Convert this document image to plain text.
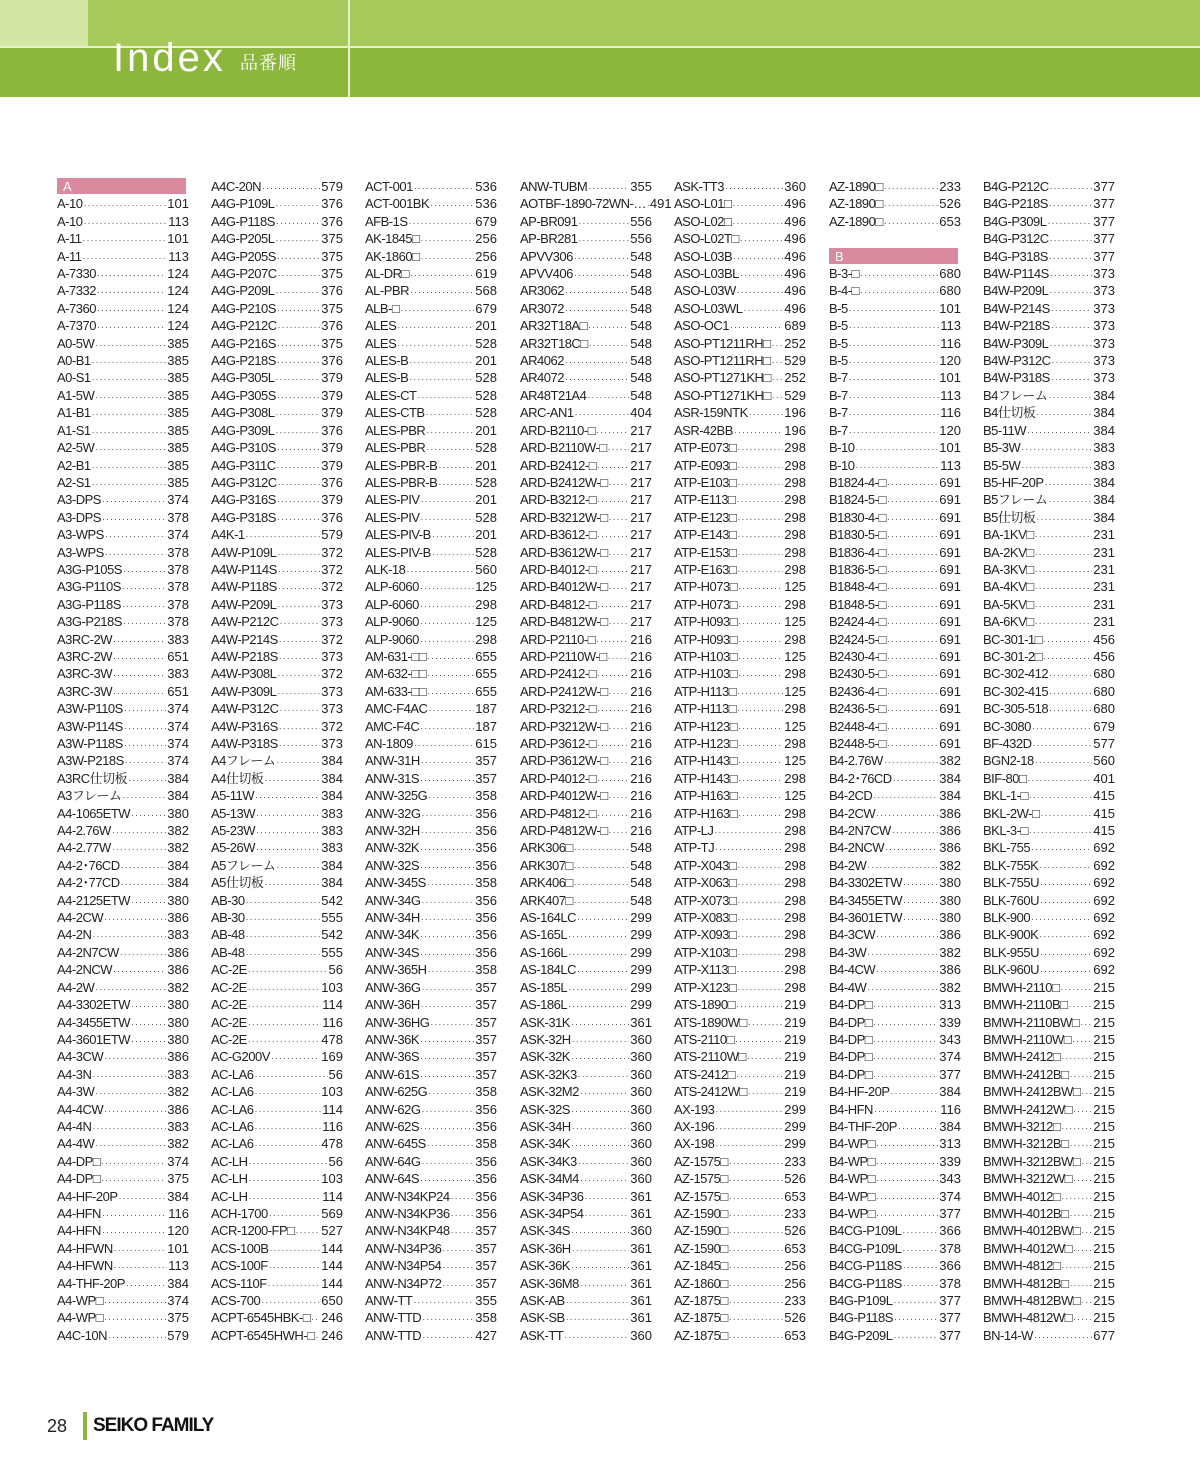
Index 品番順
A
A-10 ·····	101
A-10 ·····	113
A-11 ·····	101
A-11 ·····	113
A-7330 ·····	124
A-7332 ·····	124
A-7360 ·····	124
A-7370 ·····	124
A0-5W ·····	385
A0-B1 ·····	385
A0-S1 ·····	385
A1-5W ·····	385
A1-B1 ·····	385
A1-S1 ·····	385
A2-5W ·····	385
A2-B1 ·····	385
A2-S1 ·····	385
A3-DPS ·····	374
A3-DPS ·····	378
A3-WPS ·····	374
A3-WPS ·····	378
A3G-P105S ·····	378
A3G-P110S ·····	378
A3G-P118S ·····	378
A3G-P218S ·····	378
A3RC-2W ·····	383
A3RC-2W ·····	651
A3RC-3W ·····	383
A3RC-3W ·····	651
A3W-P110S ·····	374
A3W-P114S ·····	374
A3W-P118S ·····	374
A3W-P218S ·····	374
A3RC仕切板 ·····	384
A3フレーム ·····	384
A4-1065ETW ·····	380
A4-2.76W ·····	382
A4-2.77W ·····	382
A4-2･76CD ·····	384
A4-2･77CD ·····	384
A4-2125ETW ·····	380
A4-2CW ·····	386
A4-2N ·····	383
A4-2N7CW ·····	386
A4-2NCW ·····	386
A4-2W ·····	382
A4-3302ETW ·····	380
A4-3455ETW ·····	380
A4-3601ETW ·····	380
A4-3CW ·····	386
A4-3N ·····	383
A4-3W ·····	382
A4-4CW ·····	386
A4-4N ·····	383
A4-4W ·····	382
A4-DP□ ·····	374
A4-DP□ ·····	375
A4-HF-20P ·····	384
A4-HFN ·····	116
A4-HFN ·····	120
A4-HFWN ·····	101
A4-HFWN ·····	113
A4-THF-20P ·····	384
A4-WP□ ·····	374
A4-WP□ ·····	375
A4C-10N ·····	579
A4C-20N ·····	579
A4G-P109L ·····	376
A4G-P118S ·····	376
A4G-P205L ·····	375
A4G-P205S ·····	375
A4G-P207C ·····	375
A4G-P209L ·····	376
A4G-P210S ·····	375
A4G-P212C ·····	376
A4G-P216S ·····	375
A4G-P218S ·····	376
A4G-P305L ·····	379
A4G-P305S ·····	379
A4G-P308L ·····	379
A4G-P309L ·····	376
A4G-P310S ·····	379
A4G-P311C ·····	379
A4G-P312C ·····	376
A4G-P316S ·····	379
A4G-P318S ·····	376
A4K-1 ·····	579
A4W-P109L ·····	372
A4W-P114S ·····	372
A4W-P118S ·····	372
A4W-P209L ·····	373
A4W-P212C ·····	373
A4W-P214S ·····	372
A4W-P218S ·····	373
A4W-P308L ·····	372
A4W-P309L ·····	373
A4W-P312C ·····	373
A4W-P316S ·····	372
A4W-P318S ·····	373
A4フレーム ·····	384
A4仕切板 ·····	384
A5-11W ·····	384
A5-13W ·····	383
A5-23W ·····	383
A5-26W ·····	383
A5フレーム ·····	384
A5仕切板 ·····	384
AB-30 ·····	542
AB-30 ·····	555
AB-48 ·····	542
AB-48 ·····	555
AC-2E ·····	56
AC-2E ·····	103
AC-2E ·····	114
AC-2E ·····	116
AC-2E ·····	478
AC-G200V ·····	169
AC-LA6 ·····	56
AC-LA6 ·····	103
AC-LA6 ·····	114
AC-LA6 ·····	116
AC-LA6 ·····	478
AC-LH ·····	56
AC-LH ·····	103
AC-LH ·····	114
ACH-1700 ·····	569
ACR-1200-FP□ ····· 527
ACS-100B ·····	144
ACS-100F ·····	144
ACS-110F ·····	144
ACS-700 ·····	650
ACPT-6545HBK-□ ····· 246
ACPT-6545HWH-□ ····· 246
ACT-001 ·····	536
ACT-001BK ·····	536
AFB-1S ·····	679
AK-1845□ ·····	256
AK-1860□ ·····	256
AL-DR□ ·····	619
AL-PBR ·····	568
ALB-□ ·····	679
ALES ·····	201
ALES ·····	528
ALES-B ·····	201
ALES-B ·····	528
ALES-CT ·····	528
ALES-CTB ·····	528
ALES-PBR ·····	201
ALES-PBR ·····	528
ALES-PBR-B ·····	201
ALES-PBR-B ·····	528
ALES-PIV ·····	201
ALES-PIV ·····	528
ALES-PIV-B ·····	201
ALES-PIV-B ·····	528
ALK-18 ·····	560
ALP-6060 ·····	125
ALP-6060 ·····	298
ALP-9060 ·····	125
ALP-9060 ·····	298
AM-631-□□ ·····	655
AM-632-□□ ·····	655
AM-633-□□ ·····	655
AMC-F4AC ·····	187
AMC-F4C ·····	187
AN-1809 ·····	615
ANW-31H ·····	357
ANW-31S ·····	357
ANW-325G ·····	358
ANW-32G ·····	356
ANW-32H ·····	356
ANW-32K ·····	356
ANW-32S ·····	356
ANW-345S ·····	358
ANW-34G ·····	356
ANW-34H ·····	356
ANW-34K ·····	356
ANW-34S ·····	356
ANW-365H ·····	358
ANW-36G ·····	357
ANW-36H ·····	357
ANW-36HG ·····	357
ANW-36K ·····	357
ANW-36S ·····	357
ANW-61S ·····	357
ANW-625G ·····	358
ANW-62G ·····	356
ANW-62S ·····	356
ANW-645S ·····	358
ANW-64G ·····	356
ANW-64S ·····	356
ANW-N34KP24 ····· 356
ANW-N34KP36 ····· 356
ANW-N34KP48 ····· 357
ANW-N34P36 ·····	357
ANW-N34P54 ·····	357
ANW-N34P72 ·····	357
ANW-TT ·····	355
ANW-TTD ·····	358
ANW-TTD ·····	427
ANW-TUBM ·····	355
AOTBF-1890-72WN-… ····· 491
AP-BR091 ·····	556
AP-BR281 ·····	556
APVV306 ·····	548
APVV406 ·····	548
AR3062 ·····	548
AR3072 ·····	548
AR32T18A□ ·····	548
AR32T18C□ ·····	548
AR4062 ·····	548
AR4072 ·····	548
AR48T21A4 ·····	548
ARC-AN1 ·····	404
ARD-B2110-□ ·····	217
ARD-B2110W-□ ····· 217
ARD-B2412-□ ·····	217
ARD-B2412W-□ ····· 217
ARD-B3212-□ ·····	217
ARD-B3212W-□ ····· 217
ARD-B3612-□ ·····	217
ARD-B3612W-□ ····· 217
ARD-B4012-□ ·····	217
ARD-B4012W-□ ····· 217
ARD-B4812-□ ·····	217
ARD-B4812W-□ ····· 217
ARD-P2110-□ ·····	216
ARD-P2110W-□ ····· 216
ARD-P2412-□ ·····	216
ARD-P2412W-□ ····· 216
ARD-P3212-□ ·····	216
ARD-P3212W-□ ····· 216
ARD-P3612-□ ·····	216
ARD-P3612W-□ ····· 216
ARD-P4012-□ ·····	216
ARD-P4012W-□ ····· 216
ARD-P4812-□ ·····	216
ARD-P4812W-□ ····· 216
ARK306□ ·····	548
ARK307□ ·····	548
ARK406□ ·····	548
ARK407□ ·····	548
AS-164LC ·····	299
AS-165L ·····	299
AS-166L ·····	299
AS-184LC ·····	299
AS-185L ·····	299
AS-186L ·····	299
ASK-31K ·····	361
ASK-32H ·····	360
ASK-32K ·····	360
ASK-32K3 ·····	360
ASK-32M2 ·····	360
ASK-32S ·····	360
ASK-34H ·····	360
ASK-34K ·····	360
ASK-34K3 ·····	360
ASK-34M4 ·····	360
ASK-34P36 ·····	361
ASK-34P54 ·····	361
ASK-34S ·····	360
ASK-36H ·····	361
ASK-36K ·····	361
ASK-36M8 ·····	361
ASK-AB ·····	361
ASK-SB ·····	361
ASK-TT ·····	360
ASK-TT3 ·····	360
ASO-L01□ ·····	496
ASO-L02□ ·····	496
ASO-L02T□ ·····	496
ASO-L03B ·····	496
ASO-L03BL ·····	496
ASO-L03W ·····	496
ASO-L03WL ·····	496
ASO-OC1 ·····	689
ASO-PT1211RH□ ····· 252
ASO-PT1211RH□ ····· 529
ASO-PT1271KH□ ····· 252
ASO-PT1271KH□ ····· 529
ASR-159NTK ·····	196
ASR-42BB ·····	196
ATP-E073□ ·····	298
ATP-E093□ ·····	298
ATP-E103□ ·····	298
ATP-E113□ ·····	298
ATP-E123□ ·····	298
ATP-E143□ ·····	298
ATP-E153□ ·····	298
ATP-E163□ ·····	298
ATP-H073□ ·····	125
ATP-H073□ ·····	298
ATP-H093□ ·····	125
ATP-H093□ ·····	298
ATP-H103□ ·····	125
ATP-H103□ ·····	298
ATP-H113□ ·····	125
ATP-H113□ ·····	298
ATP-H123□ ·····	125
ATP-H123□ ·····	298
ATP-H143□ ·····	125
ATP-H143□ ·····	298
ATP-H163□ ·····	125
ATP-H163□ ·····	298
ATP-LJ ·····	298
ATP-TJ ·····	298
ATP-X043□ ·····	298
ATP-X063□ ·····	298
ATP-X073□ ·····	298
ATP-X083□ ·····	298
ATP-X093□ ·····	298
ATP-X103□ ·····	298
ATP-X113□ ·····	298
ATP-X123□ ·····	298
ATS-1890□ ·····	219
ATS-1890W□ ·····	219
ATS-2110□ ·····	219
ATS-2110W□ ·····	219
ATS-2412□ ·····	219
ATS-2412W□ ·····	219
AX-193 ·····	299
AX-196 ·····	299
AX-198 ·····	299
AZ-1575□ ·····	233
AZ-1575□ ·····	526
AZ-1575□ ·····	653
AZ-1590□ ·····	233
AZ-1590□ ·····	526
AZ-1590□ ·····	653
AZ-1845□ ·····	256
AZ-1860□ ·····	256
AZ-1875□ ·····	233
AZ-1875□ ·····	526
AZ-1875□ ·····	653
AZ-1890□ ·····	233
AZ-1890□ ·····	526
AZ-1890□ ·····	653
B
B-3-□ ·····	680
B-4-□ ·····	680
B-5 ·····	101
B-5 ·····	113
B-5 ·····	116
B-5 ·····	120
B-7 ·····	101
B-7 ·····	113
B-7 ·····	116
B-7 ·····	120
B-10 ·····	101
B-10 ·····	113
B1824-4-□ ·····	691
B1824-5-□ ·····	691
B1830-4-□ ·····	691
B1830-5-□ ·····	691
B1836-4-□ ·····	691
B1836-5-□ ·····	691
B1848-4-□ ·····	691
B1848-5-□ ·····	691
B2424-4-□ ·····	691
B2424-5-□ ·····	691
B2430-4-□ ·····	691
B2430-5-□ ·····	691
B2436-4-□ ·····	691
B2436-5-□ ·····	691
B2448-4-□ ·····	691
B2448-5-□ ·····	691
B4-2.76W ·····	382
B4-2･76CD ·····	384
B4-2CD ·····	384
B4-2CW ·····	386
B4-2N7CW ·····	386
B4-2NCW ·····	386
B4-2W ·····	382
B4-3302ETW ·····	380
B4-3455ETW ·····	380
B4-3601ETW ·····	380
B4-3CW ·····	386
B4-3W ·····	382
B4-4CW ·····	386
B4-4W ·····	382
B4-DP□ ·····	313
B4-DP□ ·····	339
B4-DP□ ·····	343
B4-DP□ ·····	374
B4-DP□ ·····	377
B4-HF-20P ·····	384
B4-HFN ·····	116
B4-THF-20P ·····	384
B4-WP□ ·····	313
B4-WP□ ·····	339
B4-WP□ ·····	343
B4-WP□ ·····	374
B4-WP□ ·····	377
B4CG-P109L ·····	366
B4CG-P109L ·····	378
B4CG-P118S ·····	366
B4CG-P118S ·····	378
B4G-P109L ·····	377
B4G-P118S ·····	377
B4G-P209L ·····	377
B4G-P212C ·····	377
B4G-P218S ·····	377
B4G-P309L ·····	377
B4G-P312C ·····	377
B4G-P318S ·····	377
B4W-P114S ·····	373
B4W-P209L ·····	373
B4W-P214S ·····	373
B4W-P218S ·····	373
B4W-P309L ·····	373
B4W-P312C ·····	373
B4W-P318S ·····	373
B4フレーム ·····	384
B4仕切板 ·····	384
B5-11W ·····	384
B5-3W ·····	383
B5-5W ·····	383
B5-HF-20P ·····	384
B5フレーム ·····	384
B5仕切板 ·····	384
BA-1KV□ ·····	231
BA-2KV□ ·····	231
BA-3KV□ ·····	231
BA-4KV□ ·····	231
BA-5KV□ ·····	231
BA-6KV□ ·····	231
BC-301-1□ ·····	456
BC-301-2□ ·····	456
BC-302-412 ·····	680
BC-302-415 ·····	680
BC-305-518 ·····	680
BC-3080 ·····	679
BF-432D ·····	577
BGN2-18 ·····	560
BIF-80□ ·····	401
BKL-1-□ ·····	415
BKL-2W-□ ·····	415
BKL-3-□ ·····	415
BKL-755 ·····	692
BLK-755K ·····	692
BLK-755U ·····	692
BLK-760U ·····	692
BLK-900 ·····	692
BLK-900K ·····	692
BLK-955U ·····	692
BLK-960U ·····	692
BMWH-2110□ ·····	215
BMWH-2110B□ ····· 215
BMWH-2110BW□ ····· 215
BMWH-2110W□ ····· 215
BMWH-2412□ ·····	215
BMWH-2412B□ ····· 215
BMWH-2412BW□ ····· 215
BMWH-2412W□ ····· 215
BMWH-3212□ ·····	215
BMWH-3212B□ ····· 215
BMWH-3212BW□ ····· 215
BMWH-3212W□ ····· 215
BMWH-4012□ ·····	215
BMWH-4012B□ ····· 215
BMWH-4012BW□ ····· 215
BMWH-4012W□ ····· 215
BMWH-4812□ ·····	215
BMWH-4812B□ ····· 215
BMWH-4812BW□ ····· 215
BMWH-4812W□ ····· 215
BN-14-W ·····	677
28 SEIKO FAMILY
